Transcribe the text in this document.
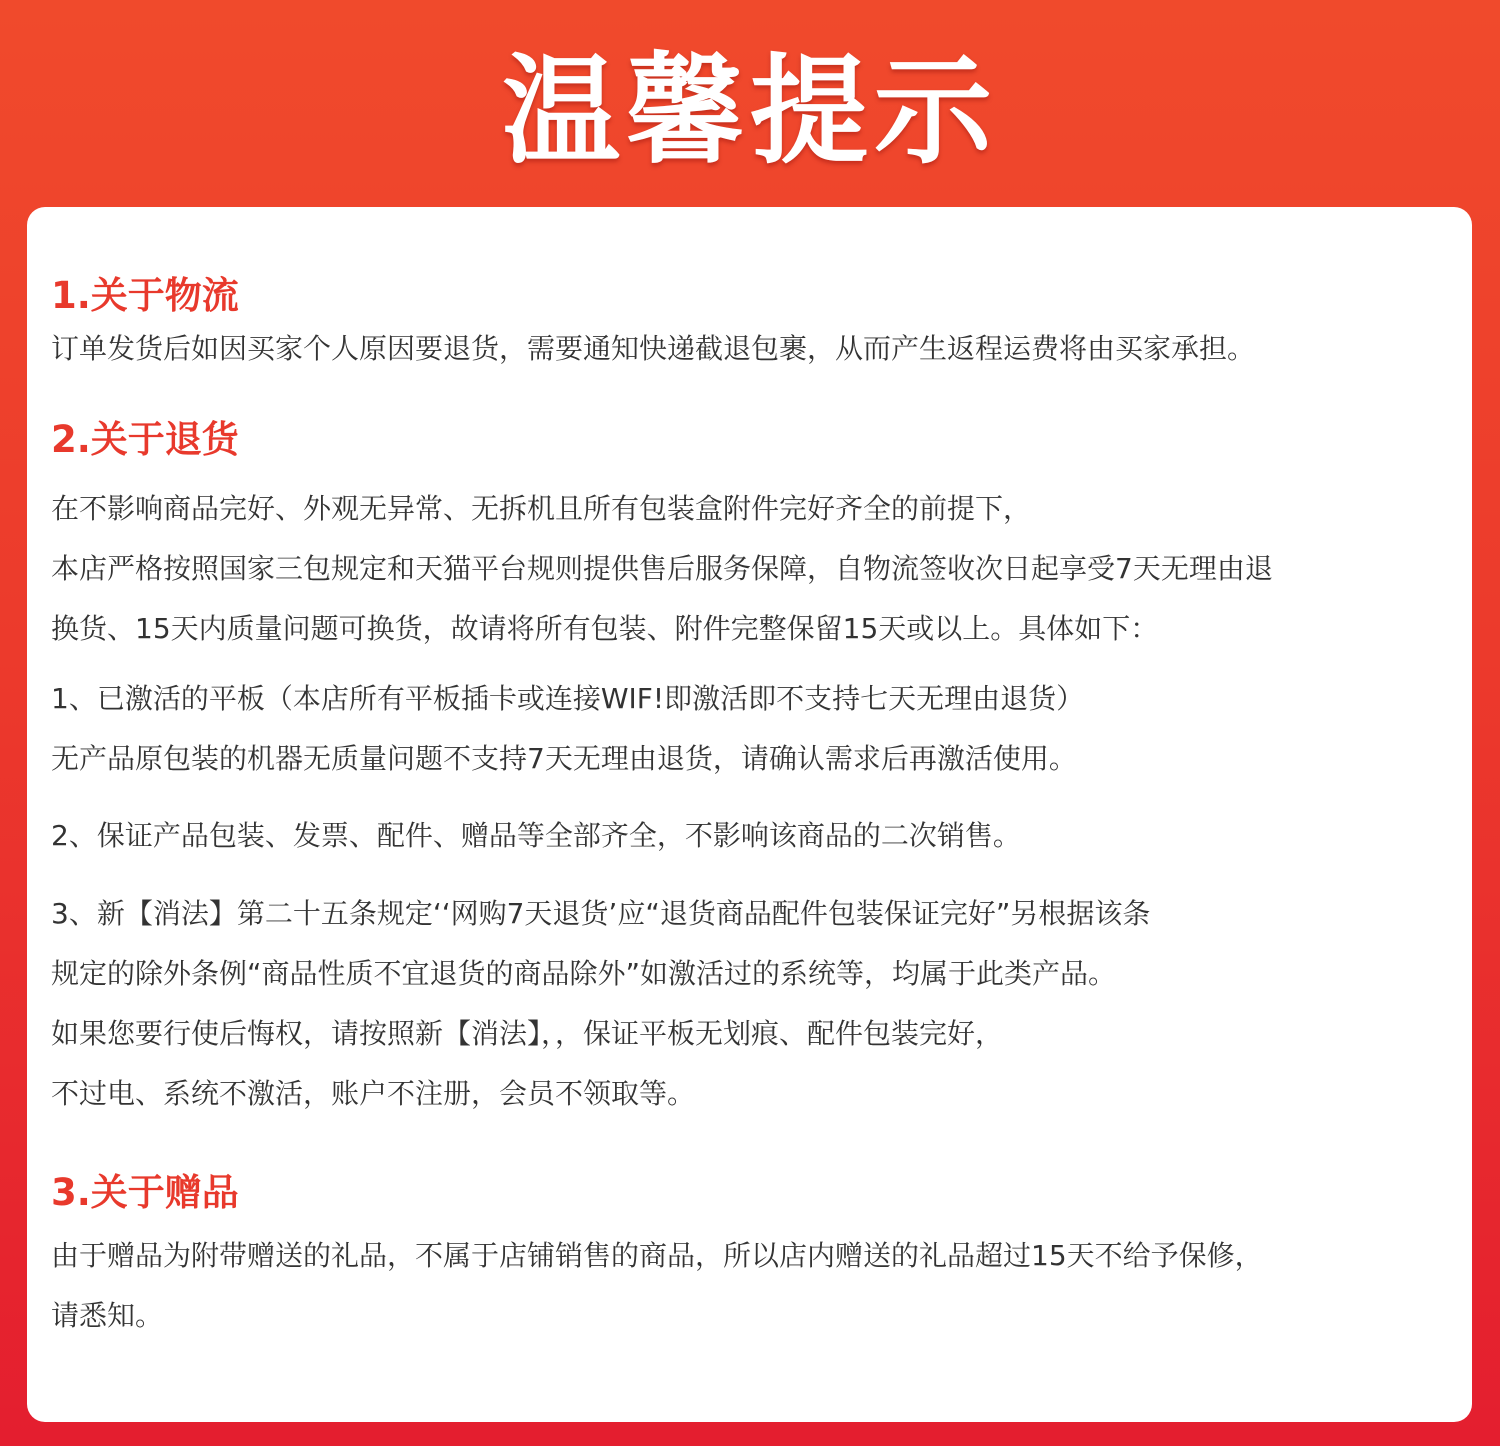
温馨提示
1.关于物流
订单发货后如因买家个人原因要退货，需要通知快递截退包裹，从而产生返程运费将由买家承担。
2.关于退货
在不影响商品完好、外观无异常、无拆机且所有包装盒附件完好齐全的前提下，
本店严格按照国家三包规定和天猫平台规则提供售后服务保障，自物流签收次日起享受7天无理由退
换货、15天内质量问题可换货，故请将所有包装、附件完整保留15天或以上。具体如下：
1、已激活的平板（本店所有平板插卡或连接WIF!即激活即不支持七天无理由退货）
无产品原包装的机器无质量问题不支持7天无理由退货，请确认需求后再激活使用。
2、保证产品包装、发票、配件、赠品等全部齐全，不影响该商品的二次销售。
3、新【消法】第二十五条规定‘‘网购7天退货’应“退货商品配件包装保证完好”另根据该条
规定的除外条例“商品性质不宜退货的商品除外”如激活过的系统等，均属于此类产品。
如果您要行使后悔权，请按照新【消法】，，保证平板无划痕、配件包装完好，
不过电、系统不激活，账户不注册，会员不领取等。
3.关于赠品
由于赠品为附带赠送的礼品，不属于店铺销售的商品，所以店内赠送的礼品超过15天不给予保修，
请悉知。
